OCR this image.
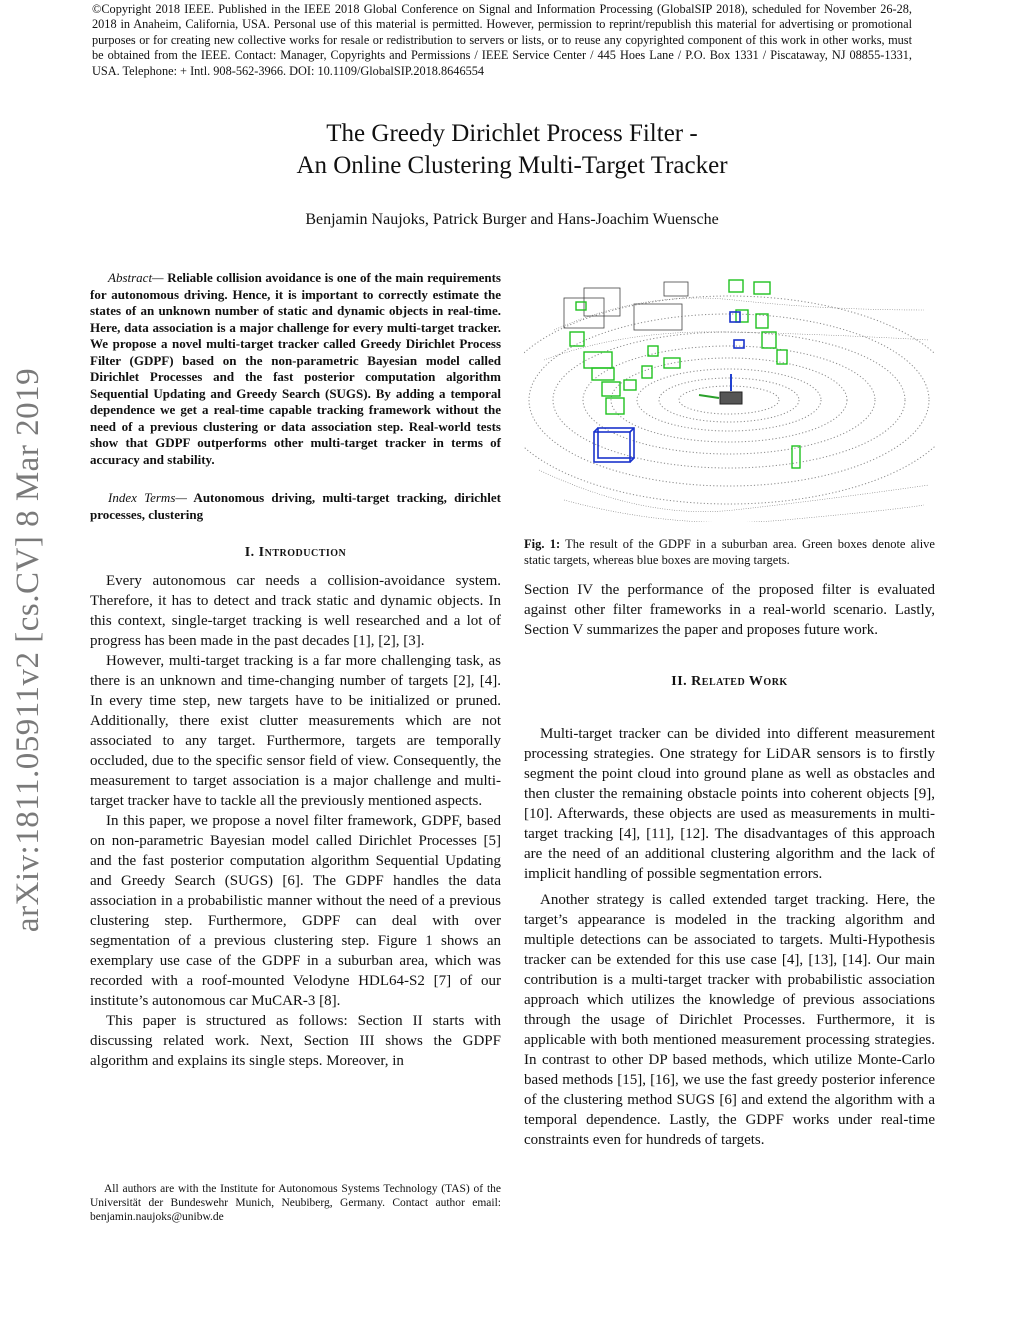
©Copyright 2018 IEEE. Published in the IEEE 2018 Global Conference on Signal and Information Processing (GlobalSIP 2018), scheduled for November 26-28, 2018 in Anaheim, California, USA. Personal use of this material is permitted. However, permission to reprint/republish this material for advertising or promotional purposes or for creating new collective works for resale or redistribution to servers or lists, or to reuse any copyrighted component of this work in other works, must be obtained from the IEEE. Contact: Manager, Copyrights and Permissions / IEEE Service Center / 445 Hoes Lane / P.O. Box 1331 / Piscataway, NJ 08855-1331, USA. Telephone: + Intl. 908-562-3966. DOI: 10.1109/GlobalSIP.2018.8646554
arXiv:1811.05911v2 [cs.CV] 8 Mar 2019
The Greedy Dirichlet Process Filter -
An Online Clustering Multi-Target Tracker
Benjamin Naujoks, Patrick Burger and Hans-Joachim Wuensche

Abstract— Reliable collision avoidance is one of the main requirements for autonomous driving. Hence, it is important to correctly estimate the states of an unknown number of static and dynamic objects in real-time. Here, data association is a major challenge for every multi-target tracker. We propose a novel multi-target tracker called Greedy Dirichlet Process Filter (GDPF) based on the non-parametric Bayesian model called Dirichlet Processes and the fast posterior computation algorithm Sequential Updating and Greedy Search (SUGS). By adding a temporal dependence we get a real-time capable tracking framework without the need of a previous clustering or data association step. Real-world tests show that GDPF outperforms other multi-target tracker in terms of accuracy and stability.

Index Terms— Autonomous driving, multi-target tracking, dirichlet processes, clustering

I. Introduction

Every autonomous car needs a collision-avoidance system. Therefore, it has to detect and track static and dynamic objects. In this context, single-target tracking is well researched and a lot of progress has been made in the past decades [1], [2], [3].

However, multi-target tracking is a far more challenging task, as there is an unknown and time-changing number of targets [2], [4]. In every time step, new targets have to be initialized or pruned. Additionally, there exist clutter measurements which are not associated to any target. Furthermore, targets are temporally occluded, due to the specific sensor field of view. Consequently, the measurement to target association is a major challenge and multi-target tracker have to tackle all the previously mentioned aspects.

In this paper, we propose a novel filter framework, GDPF, based on non-parametric Bayesian model called Dirichlet Processes [5] and the fast posterior computation algorithm Sequential Updating and Greedy Search (SUGS) [6]. The GDPF handles the data association in a probabilistic manner without the need of a previous clustering step. Furthermore, GDPF can deal with over segmentation of a previous clustering step. Figure 1 shows an exemplary use case of the GDPF in a suburban area, which was recorded with a roof-mounted Velodyne HDL64-S2 [7] of our institute’s autonomous car MuCAR-3 [8].

This paper is structured as follows: Section II starts with discussing related work. Next, Section III shows the GDPF algorithm and explains its single steps. Moreover, in

All authors are with the Institute for Autonomous Systems Technology (TAS) of the Universität der Bundeswehr Munich, Neubiberg, Germany. Contact author email: benjamin.naujoks@unibw.de

Fig. 1: The result of the GDPF in a suburban area. Green boxes denote alive static targets, whereas blue boxes are moving targets.

Section IV the performance of the proposed filter is evaluated against other filter frameworks in a real-world scenario. Lastly, Section V summarizes the paper and proposes future work.

II. Related Work

Multi-target tracker can be divided into different measurement processing strategies. One strategy for LiDAR sensors is to firstly segment the point cloud into ground plane as well as obstacles and then cluster the remaining obstacle points into coherent objects [9], [10]. Afterwards, these objects are used as measurements in multi-target tracking [4], [11], [12]. The disadvantages of this approach are the need of an additional clustering algorithm and the lack of implicit handling of possible segmentation errors.

Another strategy is called extended target tracking. Here, the target’s appearance is modeled in the tracking algorithm and multiple detections can be associated to targets. Multi-Hypothesis tracker can be extended for this use case [4], [13], [14]. Our main contribution is a multi-target tracker with probabilistic association approach which utilizes the knowledge of previous associations through the usage of Dirichlet Processes. Furthermore, it is applicable with both mentioned measurement processing strategies. In contrast to other DP based methods, which utilize Monte-Carlo based methods [15], [16], we use the fast greedy posterior inference of the clustering method SUGS [6] and extend the algorithm with a temporal dependence. Lastly, the GDPF works under real-time constraints even for hundreds of targets.
